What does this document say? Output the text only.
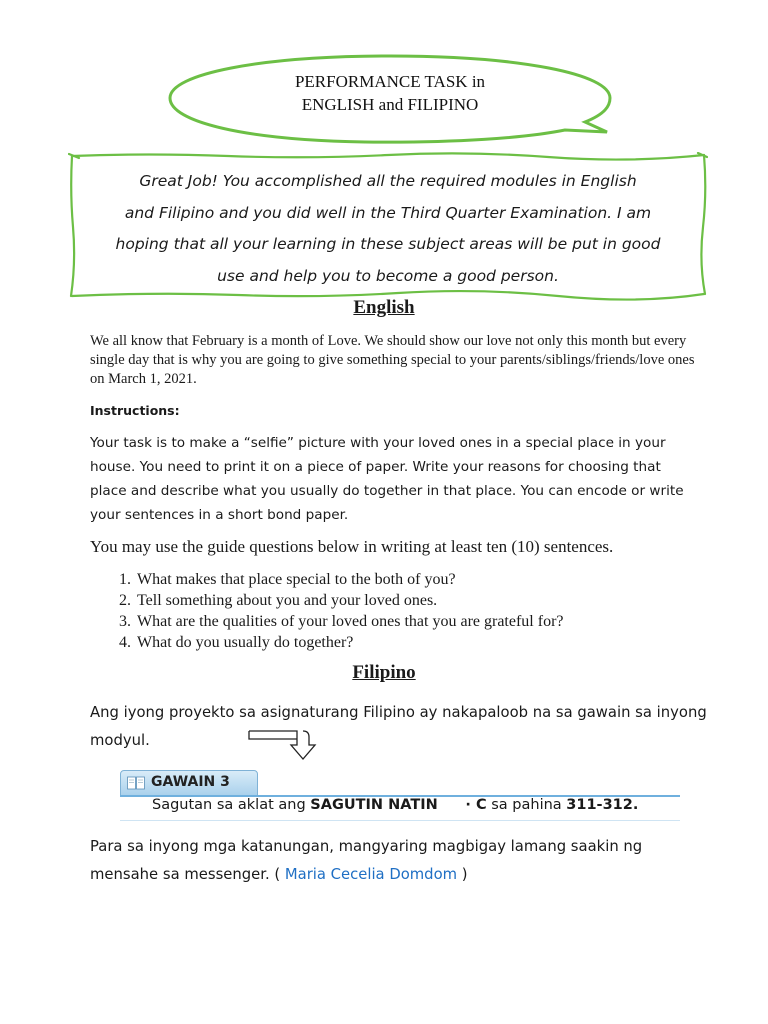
PERFORMANCE TASK in
ENGLISH and FILIPINO
Great Job! You accomplished all the required modules in English
and Filipino and you did well in the Third Quarter Examination. I am
hoping that all your learning in these subject areas will be put in good
use and help you to become a good person.
English
We all know that February is a month of Love. We should show our love not only this month but every single day that is why you are going to give something special to your parents/siblings/friends/love ones on March 1, 2021.
Instructions:
Your task is to make a “selfie” picture with your loved ones in a special place in your house. You need to print it on a piece of paper. Write your reasons for choosing that place and describe what you usually do together in that place. You can encode or write your sentences in a short bond paper.
You may use the guide questions below in writing at least ten (10) sentences.
1. What makes that place special to the both of you?
2. Tell something about you and your loved ones.
3. What are the qualities of your loved ones that you are grateful for?
4. What do you usually do together?
Filipino
Ang iyong proyekto sa asignaturang Filipino ay nakapaloob na sa gawain sa inyong modyul.
GAWAIN 3
Sagutan sa aklat ang SAGUTIN NATIN · C sa pahina 311-312.
Para sa inyong mga katanungan, mangyaring magbigay lamang saakin ng mensahe sa messenger. ( Maria Cecelia Domdom )
